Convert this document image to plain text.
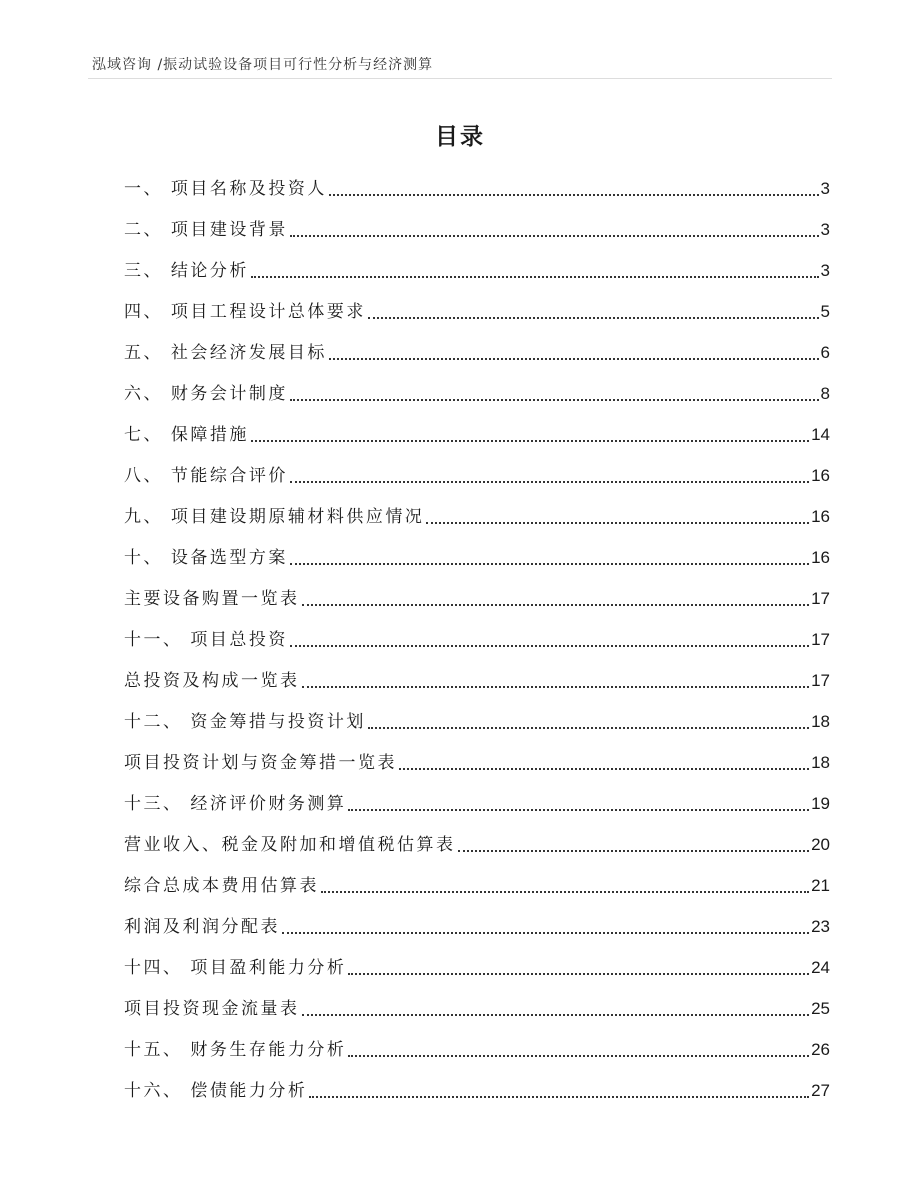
泓域咨询 /振动试验设备项目可行性分析与经济测算
目录
一、 项目名称及投资人	3
二、 项目建设背景	3
三、 结论分析	3
四、 项目工程设计总体要求	5
五、 社会经济发展目标	6
六、 财务会计制度	8
七、 保障措施	14
八、 节能综合评价	16
九、 项目建设期原辅材料供应情况	16
十、 设备选型方案	16
主要设备购置一览表	17
十一、 项目总投资	17
总投资及构成一览表	17
十二、 资金筹措与投资计划	18
项目投资计划与资金筹措一览表	18
十三、 经济评价财务测算	19
营业收入、税金及附加和增值税估算表	20
综合总成本费用估算表	21
利润及利润分配表	23
十四、 项目盈利能力分析	24
项目投资现金流量表	25
十五、 财务生存能力分析	26
十六、 偿债能力分析	27
